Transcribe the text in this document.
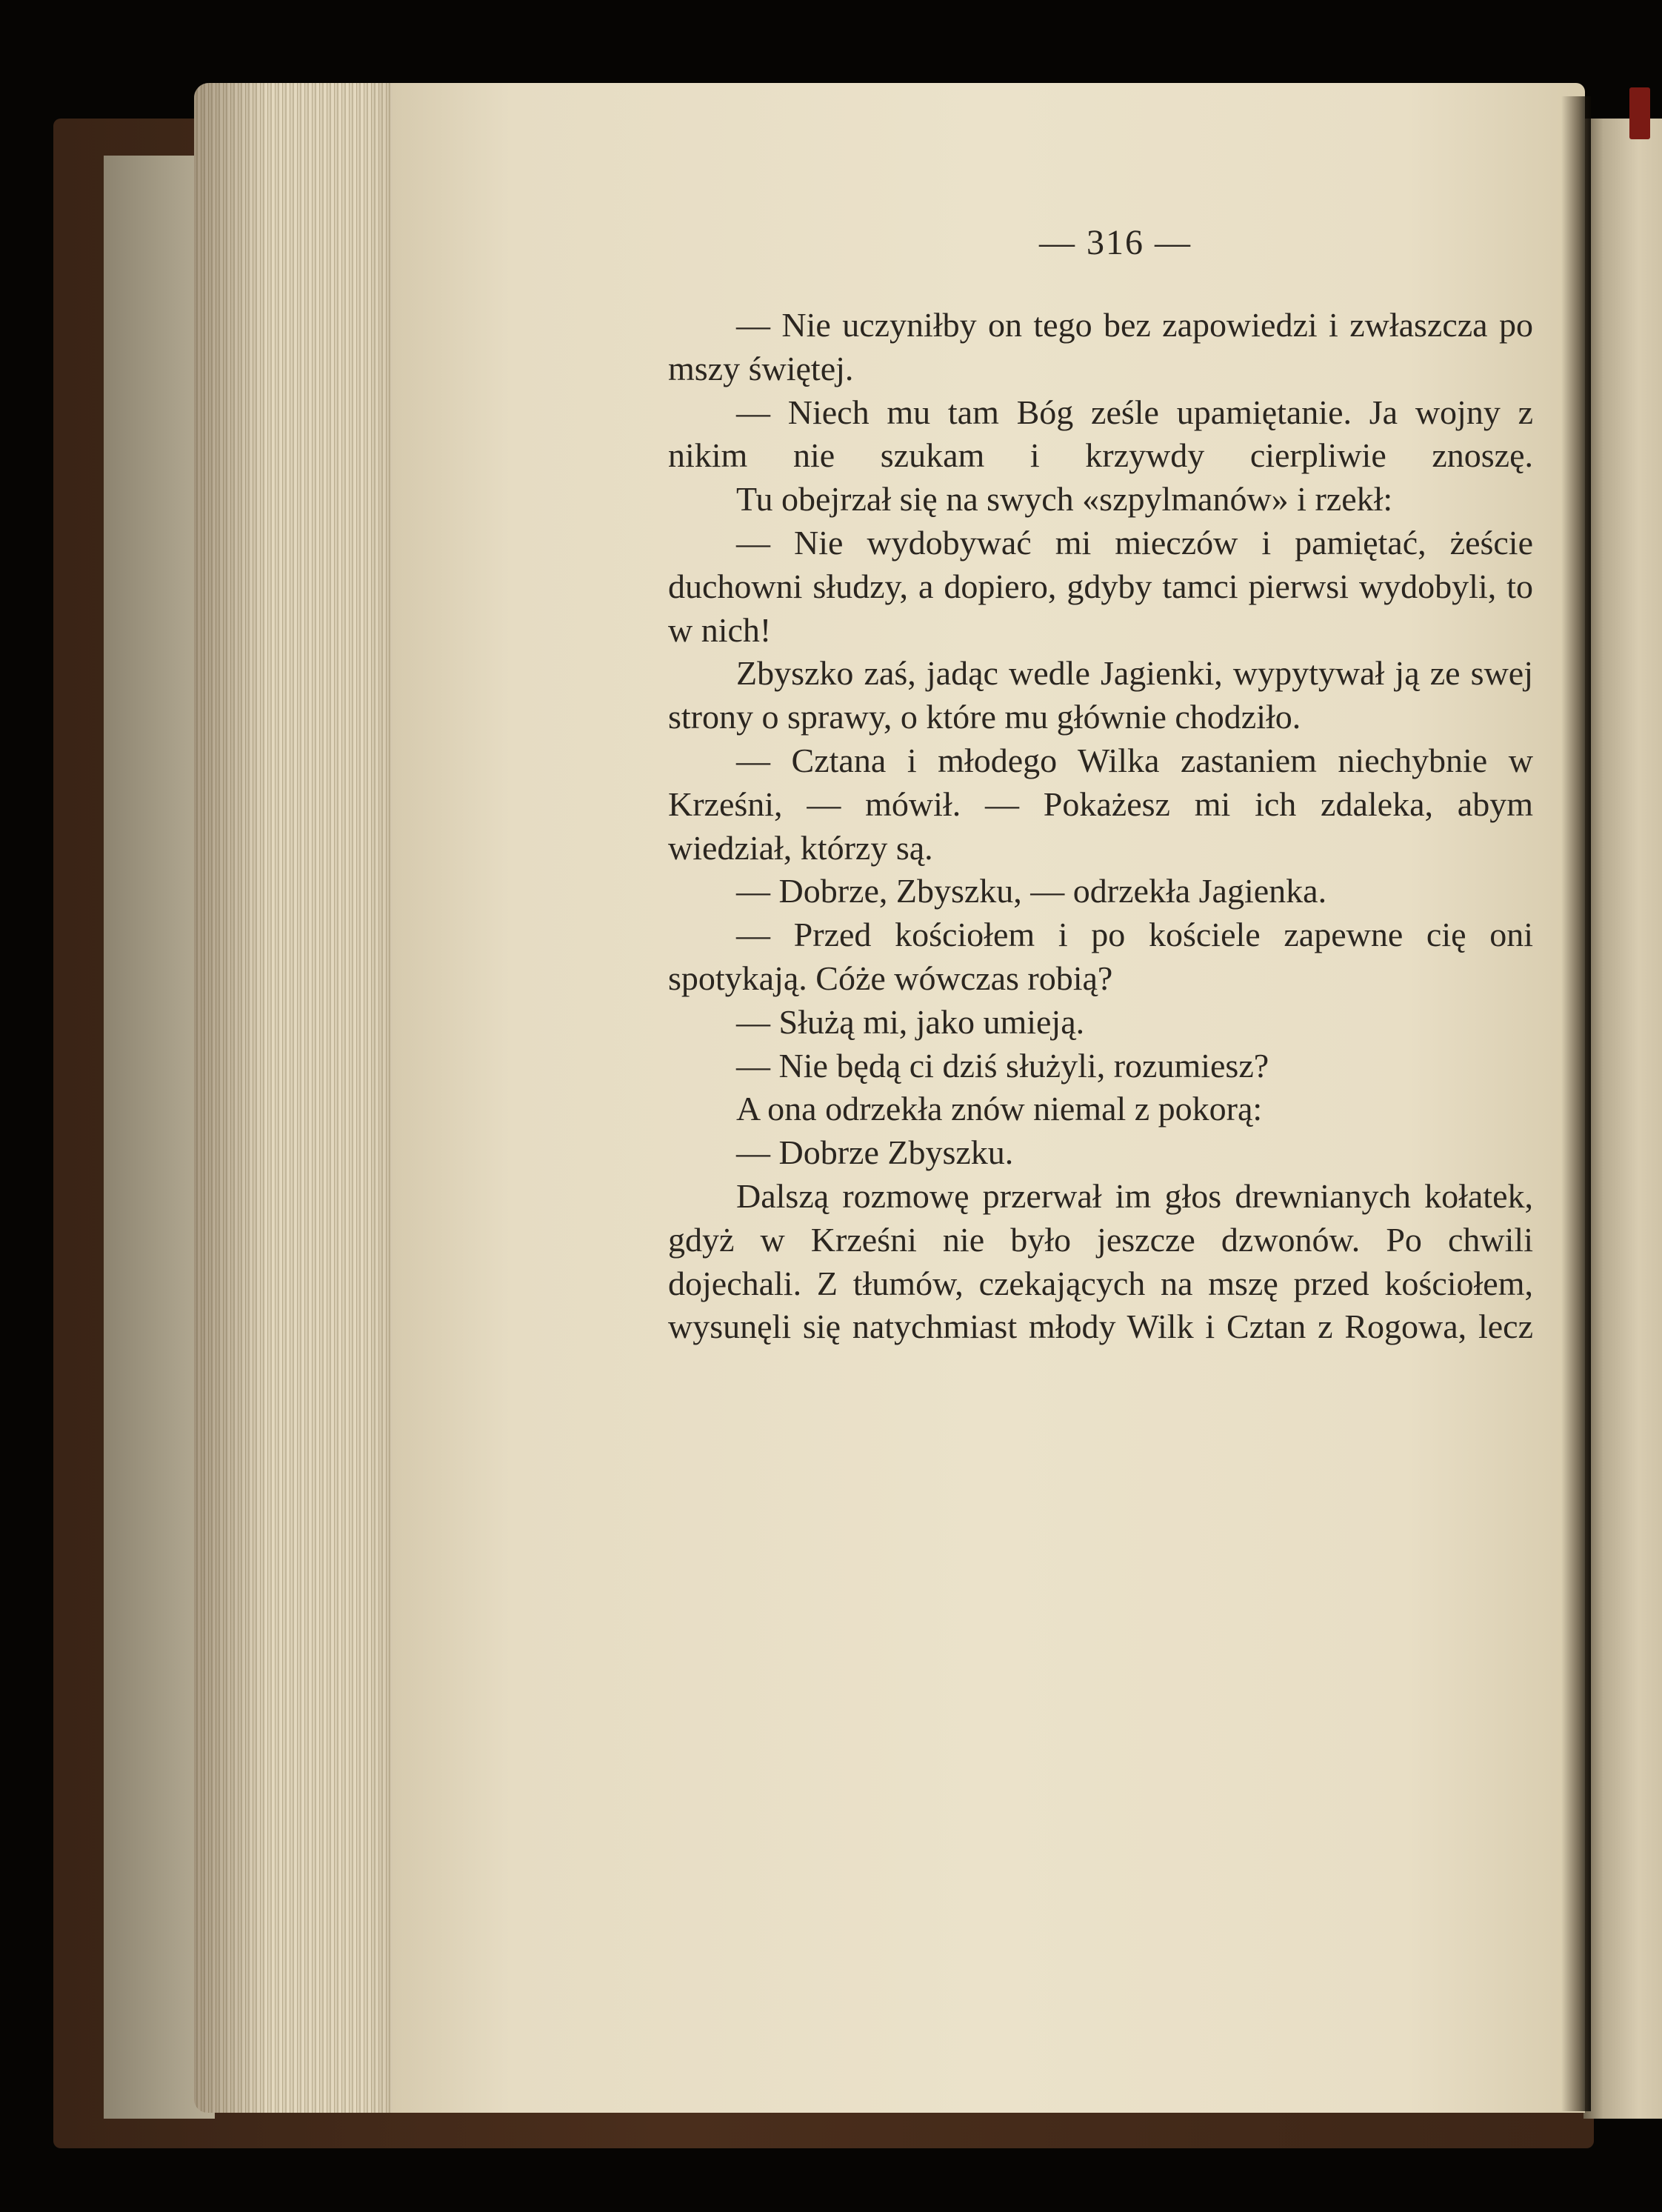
— 316 —

— Nie uczyniłby on tego bez zapowiedzi i zwłaszcza po mszy świętej.

— Niech mu tam Bóg ześle upamiętanie. Ja wojny z nikim nie szukam i krzywdy cierpliwie znoszę.

Tu obejrzał się na swych «szpylmanów» i rzekł:

— Nie wydobywać mi mieczów i pamiętać, żeście duchowni słudzy, a dopiero, gdyby tamci pierwsi wydobyli, to w nich!

Zbyszko zaś, jadąc wedle Jagienki, wypytywał ją ze swej strony o sprawy, o które mu głównie chodziło.

— Cztana i młodego Wilka zastaniem niechybnie w Krześni, — mówił. — Pokażesz mi ich zdaleka, abym wiedział, którzy są.

— Dobrze, Zbyszku, — odrzekła Jagienka.

— Przed kościołem i po kościele zapewne cię oni spotykają. Cóże wówczas robią?

— Służą mi, jako umieją.

— Nie będą ci dziś służyli, rozumiesz?

A ona odrzekła znów niemal z pokorą:

— Dobrze Zbyszku.

Dalszą rozmowę przerwał im głos drewnianych kołatek, gdyż w Krześni nie było jeszcze dzwonów. Po chwili dojechali. Z tłumów, czekających na mszę przed kościołem, wysunęli się natychmiast młody Wilk i Cztan z Rogowa, lecz
